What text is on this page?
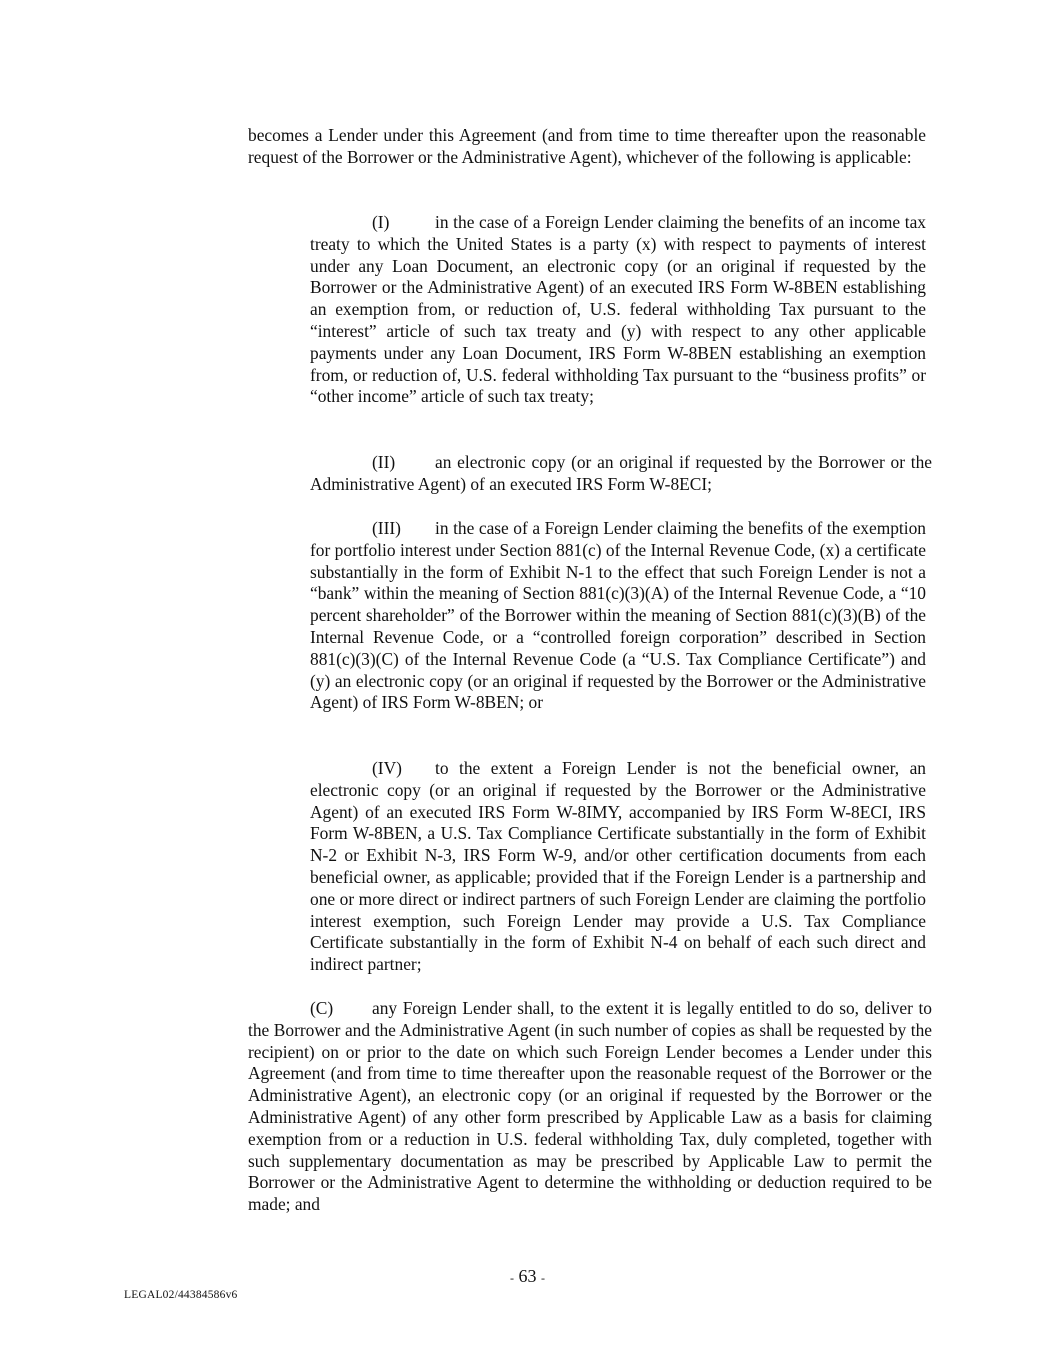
becomes a Lender under this Agreement (and from time to time thereafter upon the reasonable request of the Borrower or the Administrative Agent), whichever of the following is applicable:

(I)	in the case of a Foreign Lender claiming the benefits of an income tax treaty to which the United States is a party (x) with respect to payments of interest under any Loan Document, an electronic copy (or an original if requested by the Borrower or the Administrative Agent) of an executed IRS Form W-8BEN establishing an exemption from, or reduction of, U.S. federal withholding Tax pursuant to the “interest” article of such tax treaty and (y) with respect to any other applicable payments under any Loan Document, IRS Form W-8BEN establishing an exemption from, or reduction of, U.S. federal withholding Tax pursuant to the “business profits” or “other income” article of such tax treaty;

(II) an electronic copy (or an original if requested by the Borrower or the Administrative Agent) of an executed IRS Form W-8ECI;

(III) in the case of a Foreign Lender claiming the benefits of the exemption for portfolio interest under Section 881(c) of the Internal Revenue Code, (x) a certificate substantially in the form of Exhibit N-1 to the effect that such Foreign Lender is not a “bank” within the meaning of Section 881(c)(3)(A) of the Internal Revenue Code, a “10 percent shareholder” of the Borrower within the meaning of Section 881(c)(3)(B) of the Internal Revenue Code, or a “controlled foreign corporation” described in Section 881(c)(3)(C) of the Internal Revenue Code (a “U.S. Tax Compliance Certificate”) and (y) an electronic copy (or an original if requested by the Borrower or the Administrative Agent) of IRS Form W-8BEN; or

(IV) to the extent a Foreign Lender is not the beneficial owner, an electronic copy (or an original if requested by the Borrower or the Administrative Agent) of an executed IRS Form W-8IMY, accompanied by IRS Form W-8ECI, IRS Form W-8BEN, a U.S. Tax Compliance Certificate substantially in the form of Exhibit N-2 or Exhibit N-3, IRS Form W-9, and/or other certification documents from each beneficial owner, as applicable; provided that if the Foreign Lender is a partnership and one or more direct or indirect partners of such Foreign Lender are claiming the portfolio interest exemption, such Foreign Lender may provide a U.S. Tax Compliance Certificate substantially in the form of Exhibit N-4 on behalf of each such direct and indirect partner;

(C) any Foreign Lender shall, to the extent it is legally entitled to do so, deliver to the Borrower and the Administrative Agent (in such number of copies as shall be requested by the recipient) on or prior to the date on which such Foreign Lender becomes a Lender under this Agreement (and from time to time thereafter upon the reasonable request of the Borrower or the Administrative Agent), an electronic copy (or an original if requested by the Borrower or the Administrative Agent) of any other form prescribed by Applicable Law as a basis for claiming exemption from or a reduction in U.S. federal withholding Tax, duly completed, together with such supplementary documentation as may be prescribed by Applicable Law to permit the Borrower or the Administrative Agent to determine the withholding or deduction required to be made; and

- 63 -
LEGAL02/44384586v6
